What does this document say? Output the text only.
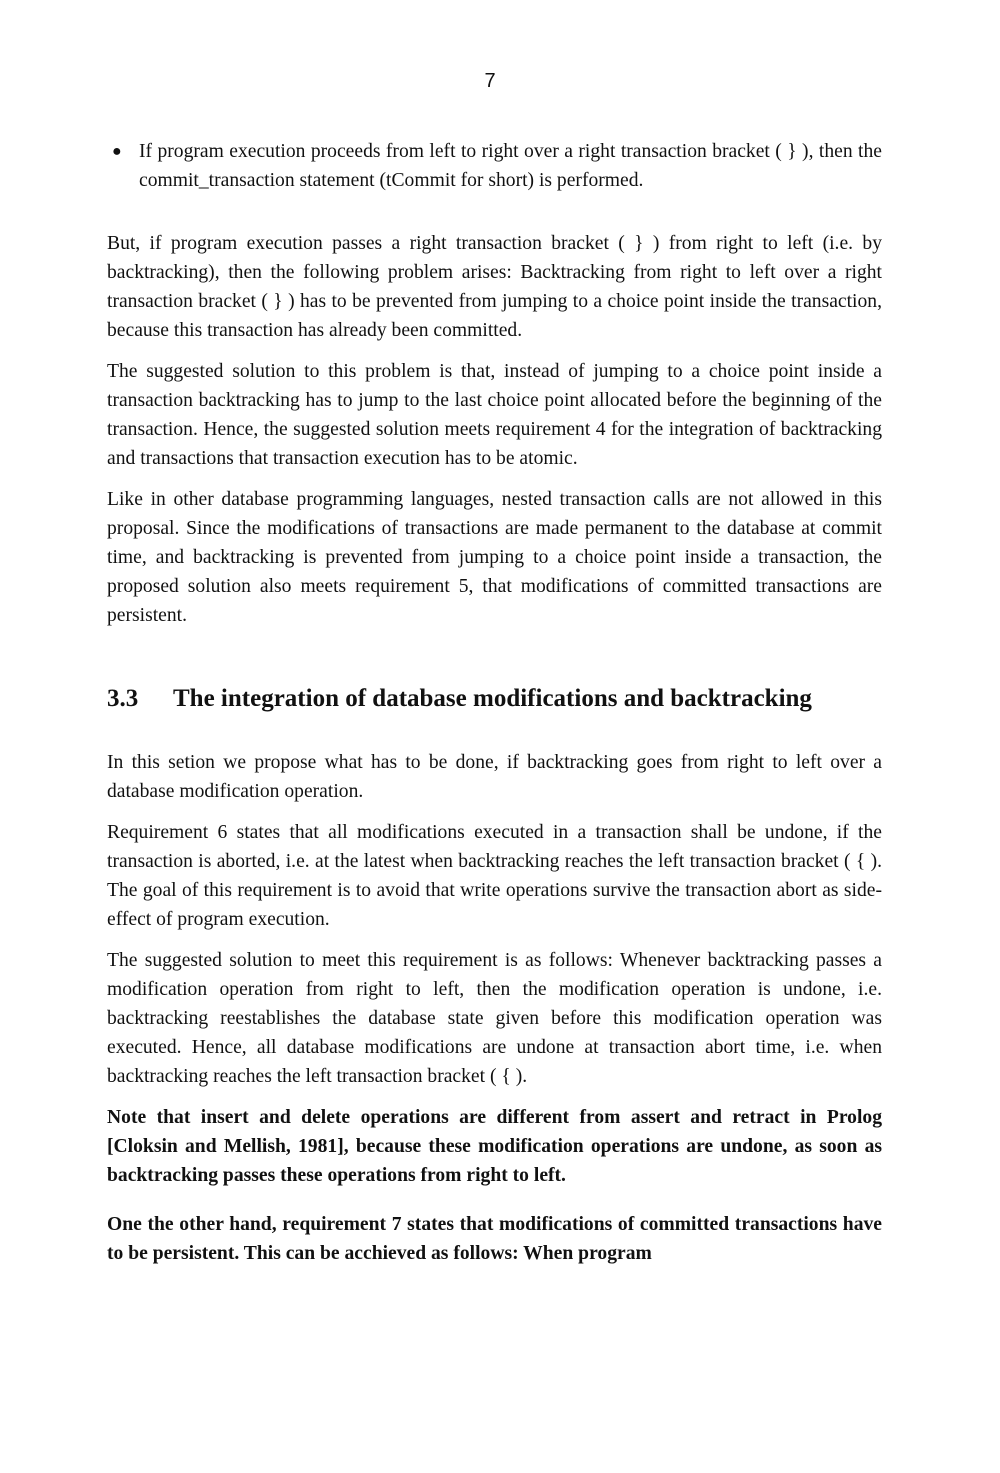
7
● If program execution proceeds from left to right over a right transaction bracket ( } ), then the commit_transaction statement (tCommit for short) is performed.

But, if program execution passes a right transaction bracket ( } ) from right to left (i.e. by backtracking), then the following problem arises: Backtracking from right to left over a right transaction bracket ( } ) has to be prevented from jumping to a choice point inside the transaction, because this transaction has already been committed.

The suggested solution to this problem is that, instead of jumping to a choice point inside a transaction backtracking has to jump to the last choice point allocated before the beginning of the transaction. Hence, the suggested solution meets requirement 4 for the integration of backtracking and transactions that transaction execution has to be atomic.

Like in other database programming languages, nested transaction calls are not allowed in this proposal. Since the modifications of transactions are made permanent to the database at commit time, and backtracking is prevented from jumping to a choice point inside a transaction, the proposed solution also meets requirement 5, that modifications of committed transactions are persistent.

3.3 The integration of database modifications and backtracking

In this setion we propose what has to be done, if backtracking goes from right to left over a database modification operation.

Requirement 6 states that all modifications executed in a transaction shall be undone, if the transaction is aborted, i.e. at the latest when backtracking reaches the left transaction bracket ( { ). The goal of this requirement is to avoid that write operations survive the transaction abort as side-effect of program execution.

The suggested solution to meet this requirement is as follows: Whenever backtracking passes a modification operation from right to left, then the modification operation is undone, i.e. backtracking reestablishes the database state given before this modification operation was executed. Hence, all database modifications are undone at transaction abort time, i.e. when backtracking reaches the left transaction bracket ( { ).

Note that insert and delete operations are different from assert and retract in Prolog [Cloksin and Mellish, 1981], because these modification operations are undone, as soon as backtracking passes these operations from right to left.

One the other hand, requirement 7 states that modifications of committed transactions have to be persistent. This can be acchieved as follows: When program
